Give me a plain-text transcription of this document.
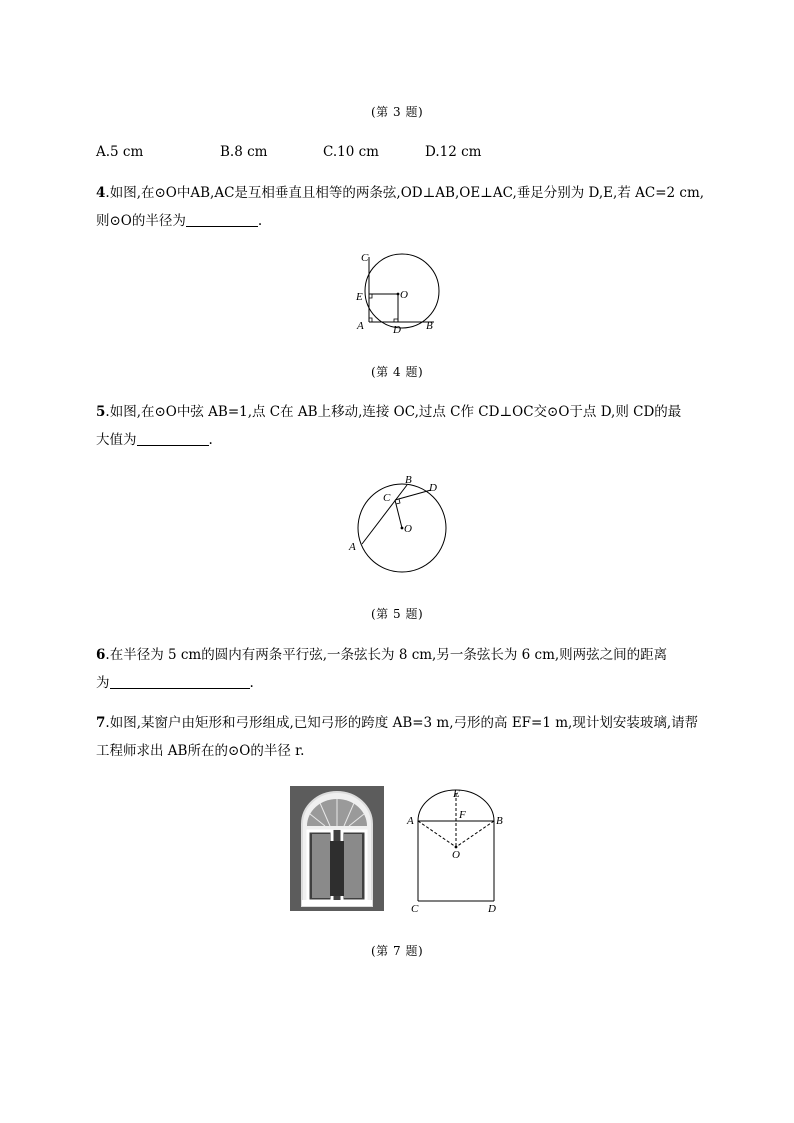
(第 3 题)
A.5 cm	B.8 cm	C.10 cm	D.12 cm
4.如图,在⊙O中AB,AC是互相垂直且相等的两条弦,OD⊥AB,OE⊥AC,垂足分别为 D,E,若 AC=2 cm,
则⊙O的半径为	.
C
E	O
A	D B
(第 4 题)
5.如图,在⊙O中弦 AB=1,点 C在 AB上移动,连接 OC,过点 C作 CD⊥OC交⊙O于点 D,则 CD的最
大值为	.
B
D
C
O
A
(第 5 题)
6.在半径为 5 cm的圆内有两条平行弦,一条弦长为 8 cm,另一条弦长为 6 cm,则两弦之间的距离
为	.
7.如图,某窗户由矩形和弓形组成,已知弓形的跨度 AB=3 m,弓形的高 EF=1 m,现计划安装玻璃,请帮
工程师求出 AB所在的⊙O的半径 r.
E
A	F	B
O
C	D
(第 7 题)
